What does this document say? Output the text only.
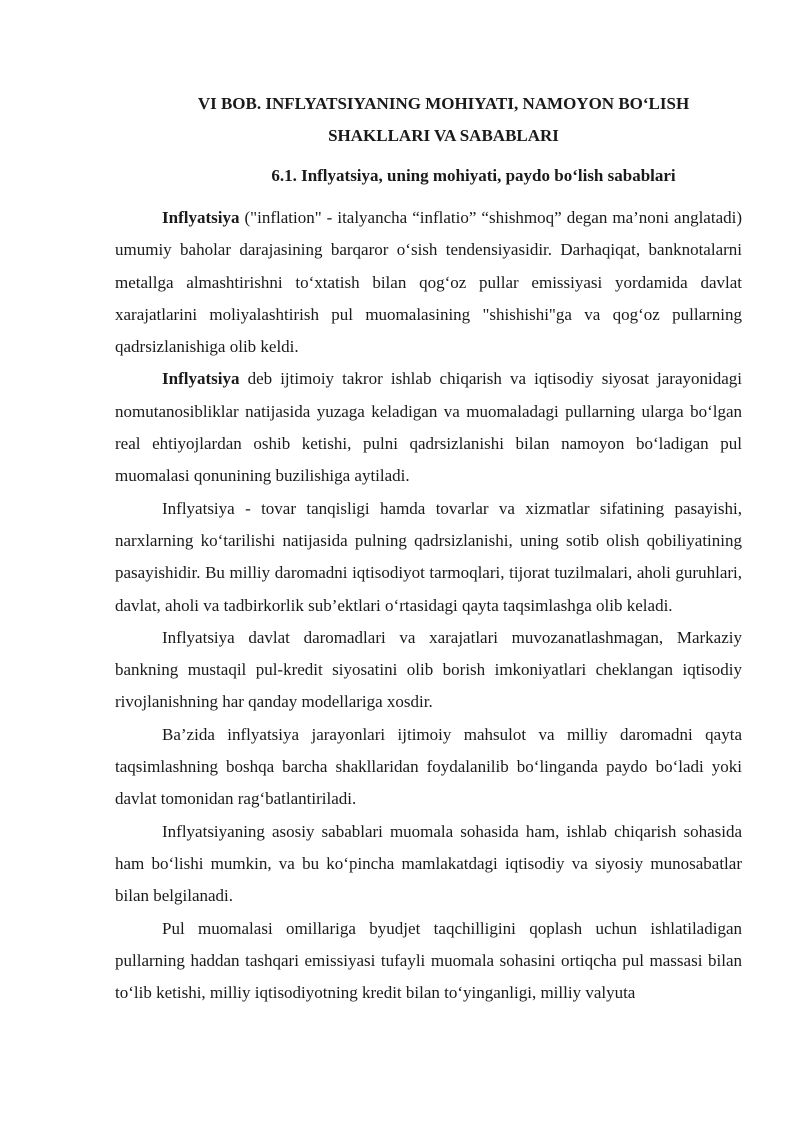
VI BOB. INFLYATSIYANING MOHIYATI, NAMOYON BO‘LISH
SHAKLLARI VA SABABLARI
6.1. Inflyatsiya, uning mohiyati, paydo bo‘lish sabablari

Inflyatsiya ("inflation" - italyancha “inflatio” “shishmoq” degan ma’noni anglatadi) umumiy baholar darajasining barqaror o‘sish tendensiyasidir. Darhaqiqat, banknotalarni metallga almashtirishni to‘xtatish bilan qog‘oz pullar emissiyasi yordamida davlat xarajatlarini moliyalashtirish pul muomalasining "shishishi"ga va qog‘oz pullarning qadrsizlanishiga olib keldi.

Inflyatsiya deb ijtimoiy takror ishlab chiqarish va iqtisodiy siyosat jarayonidagi nomutanosibliklar natijasida yuzaga keladigan va muomaladagi pullarning ularga bo‘lgan real ehtiyojlardan oshib ketishi, pulni qadrsizlanishi bilan namoyon bo‘ladigan pul muomalasi qonunining buzilishiga aytiladi.

Inflyatsiya - tovar tanqisligi hamda tovarlar va xizmatlar sifatining pasayishi, narxlarning ko‘tarilishi natijasida pulning qadrsizlanishi, uning sotib olish qobiliyatining pasayishidir. Bu milliy daromadni iqtisodiyot tarmoqlari, tijorat tuzilmalari, aholi guruhlari, davlat, aholi va tadbirkorlik sub’ektlari o‘rtasidagi qayta taqsimlashga olib keladi.

Inflyatsiya davlat daromadlari va xarajatlari muvozanatlashmagan, Markaziy bankning mustaqil pul-kredit siyosatini olib borish imkoniyatlari cheklangan iqtisodiy rivojlanishning har qanday modellariga xosdir.

Ba’zida inflyatsiya jarayonlari ijtimoiy mahsulot va milliy daromadni qayta taqsimlashning boshqa barcha shakllaridan foydalanilib bo‘linganda paydo bo‘ladi yoki davlat tomonidan rag‘batlantiriladi.

Inflyatsiyaning asosiy sabablari muomala sohasida ham, ishlab chiqarish sohasida ham bo‘lishi mumkin, va bu ko‘pincha mamlakatdagi iqtisodiy va siyosiy munosabatlar bilan belgilanadi.

Pul muomalasi omillariga byudjet taqchilligini qoplash uchun ishlatiladigan pullarning haddan tashqari emissiyasi tufayli muomala sohasini ortiqcha pul massasi bilan to‘lib ketishi, milliy iqtisodiyotning kredit bilan to‘yinganligi, milliy valyuta
